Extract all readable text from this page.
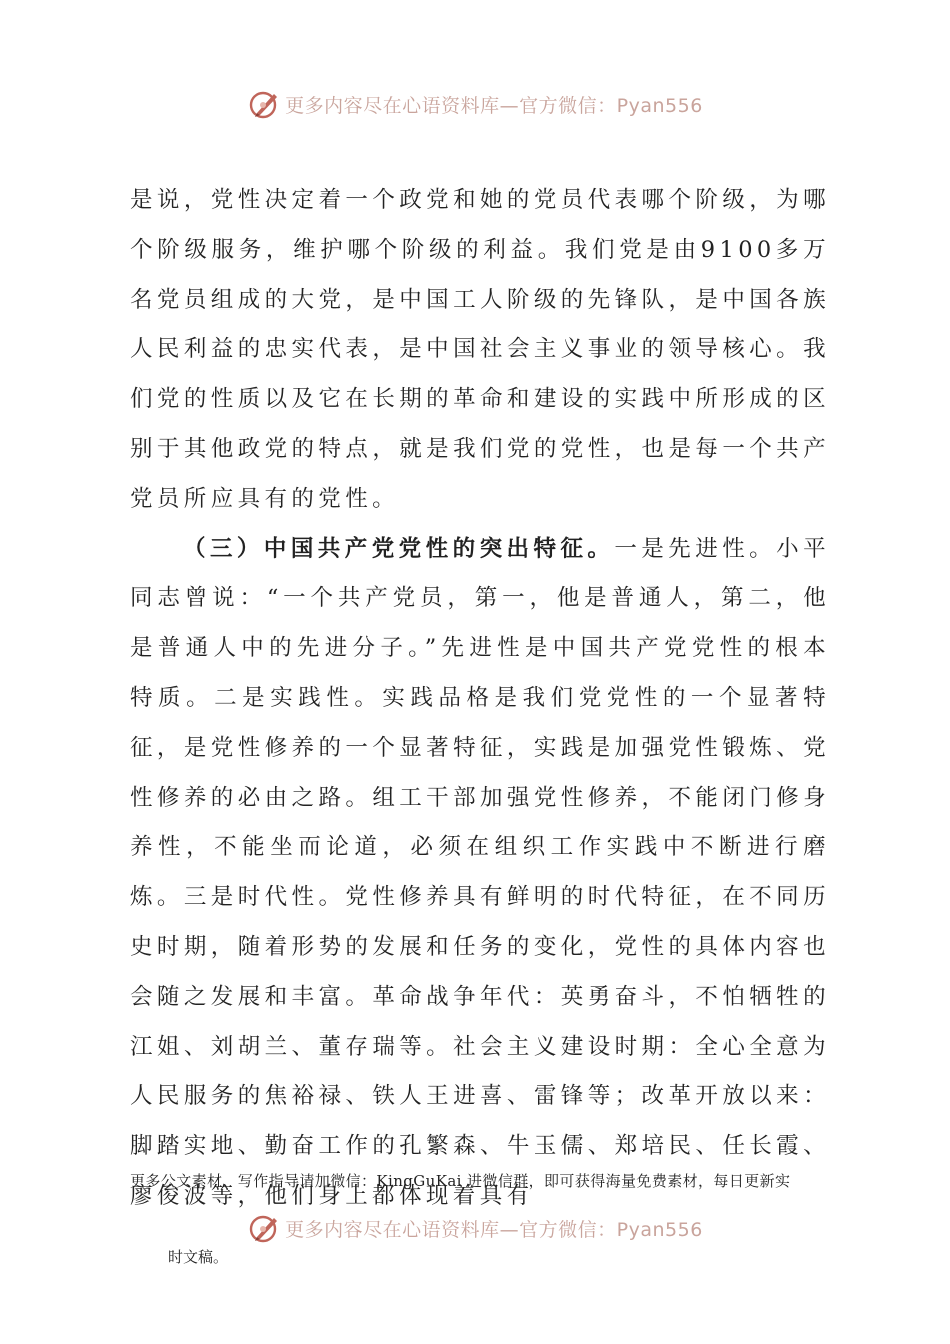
更多内容尽在心语资料库—官方微信：Pyan556

是说，党性决定着一个政党和她的党员代表哪个阶级，为哪个阶级服务，维护哪个阶级的利益。我们党是由9100多万名党员组成的大党，是中国工人阶级的先锋队，是中国各族人民利益的忠实代表，是中国社会主义事业的领导核心。我们党的性质以及它在长期的革命和建设的实践中所形成的区别于其他政党的特点，就是我们党的党性，也是每一个共产党员所应具有的党性。

（三）中国共产党党性的突出特征。一是先进性。小平同志曾说：“一个共产党员，第一，他是普通人，第二，他是普通人中的先进分子。”先进性是中国共产党党性的根本特质。二是实践性。实践品格是我们党党性的一个显著特征，是党性修养的一个显著特征，实践是加强党性锻炼、党性修养的必由之路。组工干部加强党性修养，不能闭门修身养性，不能坐而论道，必须在组织工作实践中不断进行磨炼。三是时代性。党性修养具有鲜明的时代特征，在不同历史时期，随着形势的发展和任务的变化，党性的具体内容也会随之发展和丰富。革命战争年代：英勇奋斗，不怕牺牲的江姐、刘胡兰、董存瑞等。社会主义建设时期：全心全意为人民服务的焦裕禄、铁人王进喜、雷锋等；改革开放以来：脚踏实地、勤奋工作的孔繁森、牛玉儒、郑培民、任长霞、廖俊波等，他们身上都体现着具有

更多公文素材、写作指导请加微信：KingGuKai 进微信群，即可获得海量免费素材，每日更新实
更多内容尽在心语资料库—官方微信：Pyan556
时文稿。
